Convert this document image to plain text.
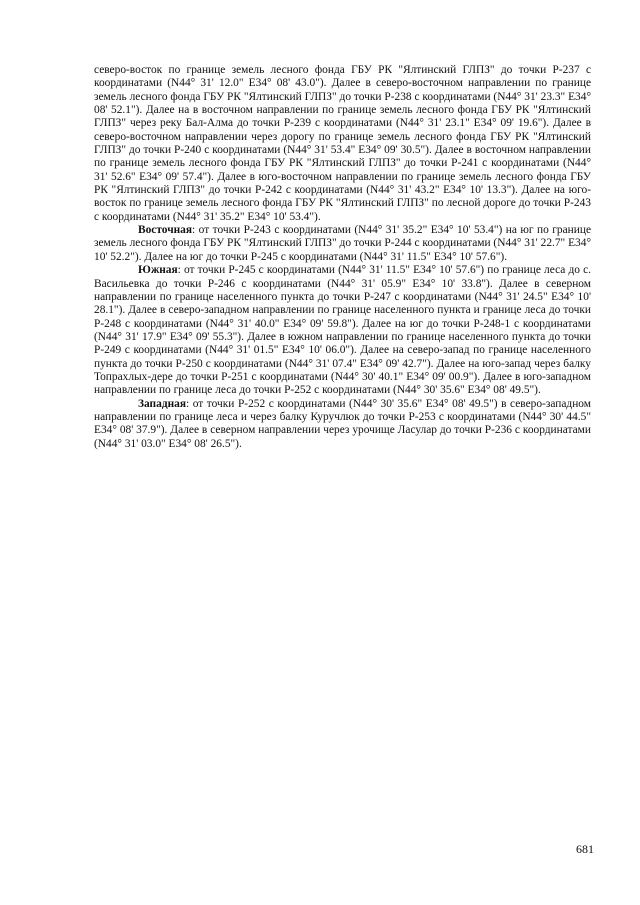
северо-восток по границе земель лесного фонда ГБУ РК "Ялтинский ГЛПЗ" до точки Р-237 с координатами (N44° 31' 12.0" Е34° 08' 43.0"). Далее в северо-восточном направлении по границе земель лесного фонда ГБУ РК "Ялтинский ГЛПЗ" до точки Р-238 с координатами (N44° 31' 23.3" Е34° 08' 52.1"). Далее на в восточном направлении по границе земель лесного фонда ГБУ РК "Ялтинский ГЛПЗ" через реку Бал-Алма до точки Р-239 с координатами (N44° 31' 23.1" Е34° 09' 19.6"). Далее в северо-восточном направлении через дорогу по границе земель лесного фонда ГБУ РК "Ялтинский ГЛПЗ" до точки Р-240 с координатами (N44° 31' 53.4" Е34° 09' 30.5"). Далее в восточном направлении по границе земель лесного фонда ГБУ РК "Ялтинский ГЛПЗ" до точки Р-241 с координатами (N44° 31' 52.6" Е34° 09' 57.4"). Далее в юго-восточном направлении по границе земель лесного фонда ГБУ РК "Ялтинский ГЛПЗ" до точки Р-242 с координатами (N44° 31' 43.2" Е34° 10' 13.3"). Далее на юго-восток по границе земель лесного фонда ГБУ РК "Ялтинский ГЛПЗ" по лесной дороге до точки Р-243 с координатами (N44° 31' 35.2" Е34° 10' 53.4").

Восточная: от точки Р-243 с координатами (N44° 31' 35.2" Е34° 10' 53.4") на юг по границе земель лесного фонда ГБУ РК "Ялтинский ГЛПЗ" до точки Р-244 с координатами (N44° 31' 22.7" Е34° 10' 52.2"). Далее на юг до точки Р-245 с координатами (N44° 31' 11.5" Е34° 10' 57.6").

Южная: от точки Р-245 с координатами (N44° 31' 11.5" Е34° 10' 57.6") по границе леса до с. Васильевка до точки Р-246 с координатами (N44° 31' 05.9" Е34° 10' 33.8"). Далее в северном направлении по границе населенного пункта до точки Р-247 с координатами (N44° 31' 24.5" Е34° 10' 28.1"). Далее в северо-западном направлении по границе населенного пункта и границе леса до точки Р-248 с координатами (N44° 31' 40.0" Е34° 09' 59.8"). Далее на юг до точки Р-248-1 с координатами (N44° 31' 17.9" Е34° 09' 55.3"). Далее в южном направлении по границе населенного пункта до точки Р-249 с координатами (N44° 31' 01.5" Е34° 10' 06.0"). Далее на северо-запад по границе населенного пункта до точки Р-250 с координатами (N44° 31' 07.4" Е34° 09' 42.7"). Далее на юго-запад через балку Топрахлых-дере до точки Р-251 с координатами (N44° 30' 40.1" Е34° 09' 00.9"). Далее в юго-западном направлении по границе леса до точки Р-252 с координатами (N44° 30' 35.6" Е34° 08' 49.5").

Западная: от точки Р-252 с координатами (N44° 30' 35.6" Е34° 08' 49.5") в северо-западном направлении по границе леса и через балку Куручлюк до точки Р-253 с координатами (N44° 30' 44.5" Е34° 08' 37.9"). Далее в северном направлении через урочище Ласулар до точки Р-236 с координатами (N44° 31' 03.0" Е34° 08' 26.5").

681
